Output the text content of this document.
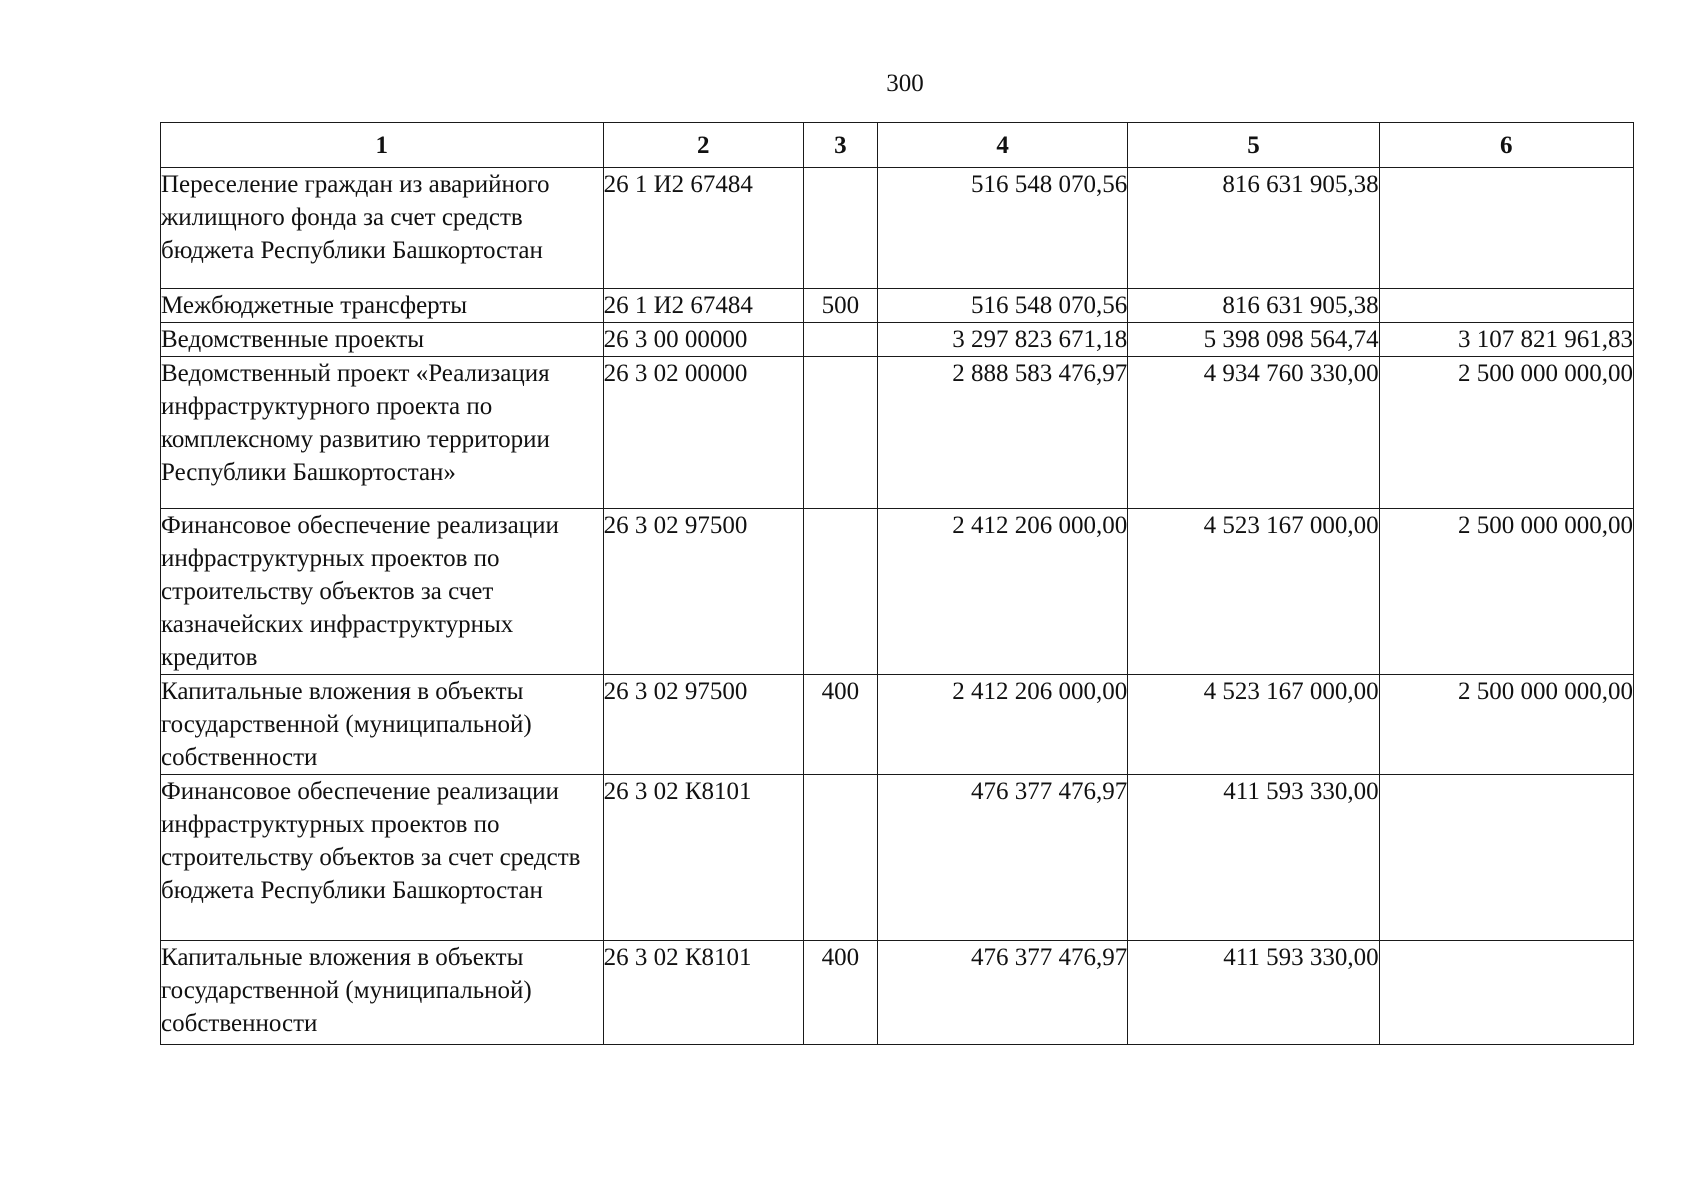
300
1	2	3	4	5	6
Переселение граждан из аварийного жилищного фонда за счет средств бюджета Республики Башкортостан	26 1 И2 67484		516 548 070,56	816 631 905,38	
Межбюджетные трансферты	26 1 И2 67484	500	516 548 070,56	816 631 905,38	
Ведомственные проекты	26 3 00 00000		3 297 823 671,18	5 398 098 564,74	3 107 821 961,83
Ведомственный проект «Реализация инфраструктурного проекта по комплексному развитию территории Республики Башкортостан»	26 3 02 00000		2 888 583 476,97	4 934 760 330,00	2 500 000 000,00
Финансовое обеспечение реализации инфраструктурных проектов по строительству объектов за счет казначейских инфраструктурных кредитов	26 3 02 97500		2 412 206 000,00	4 523 167 000,00	2 500 000 000,00
Капитальные вложения в объекты государственной (муниципальной) собственности	26 3 02 97500	400	2 412 206 000,00	4 523 167 000,00	2 500 000 000,00
Финансовое обеспечение реализации инфраструктурных проектов по строительству объектов за счет средств бюджета Республики Башкортостан	26 3 02 К8101		476 377 476,97	411 593 330,00	
Капитальные вложения в объекты государственной (муниципальной) собственности	26 3 02 К8101	400	476 377 476,97	411 593 330,00	
